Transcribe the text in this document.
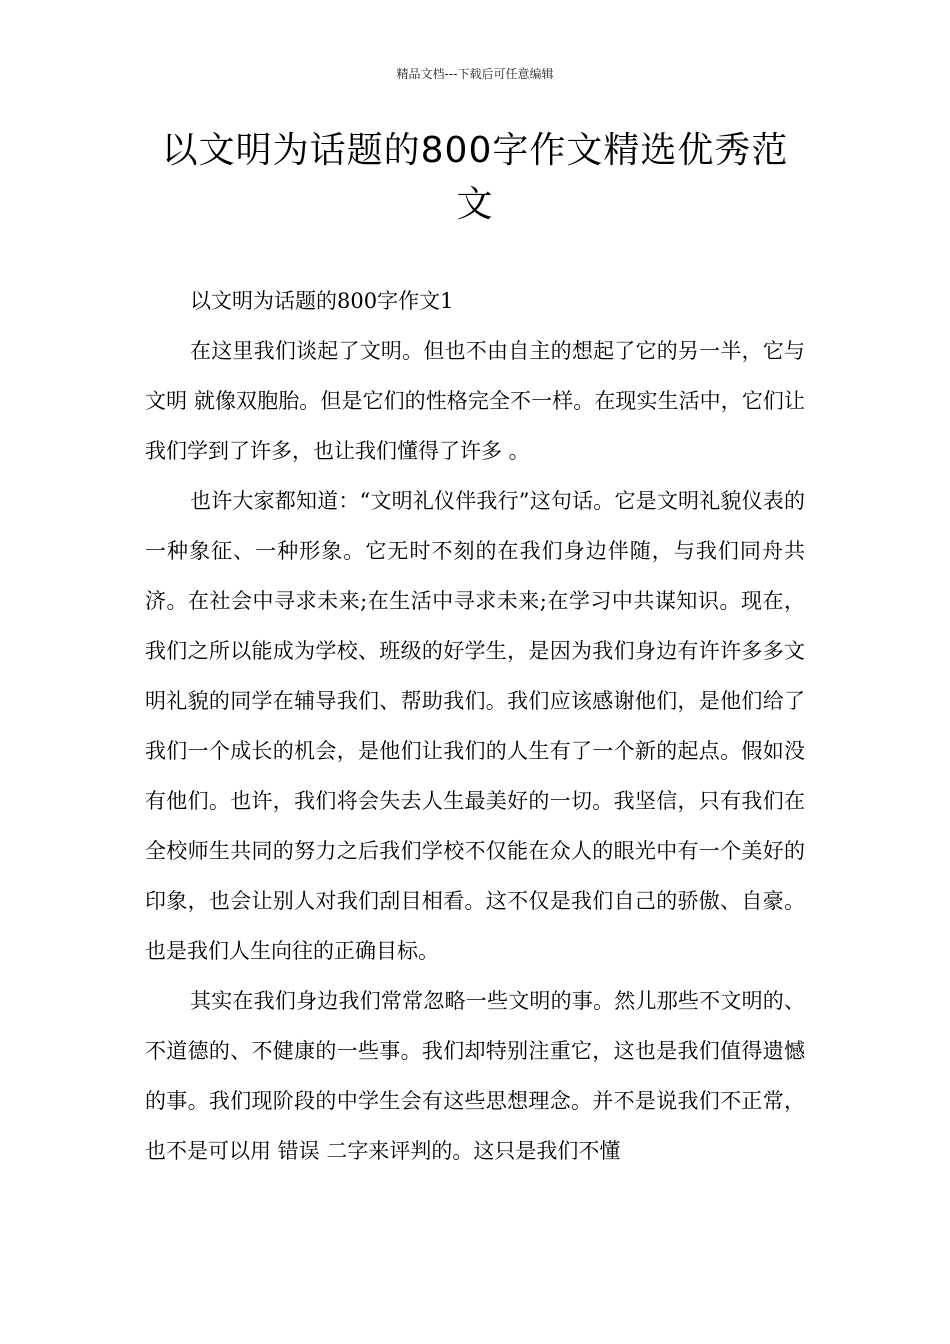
精品文档---下载后可任意编辑
以文明为话题的800字作文精选优秀范文

以文明为话题的800字作文1

在这里我们谈起了文明。但也不由自主的想起了它的另一半，它与 文明 就像双胞胎。但是它们的性格完全不一样。在现实生活中，它们让我们学到了许多，也让我们懂得了许多 。

也许大家都知道：“文明礼仪伴我行”这句话。它是文明礼貌仪表的一种象征、一种形象。它无时不刻的在我们身边伴随，与我们同舟共济。在社会中寻求未来;在生活中寻求未来;在学习中共谋知识。现在，我们之所以能成为学校、班级的好学生，是因为我们身边有许许多多文明礼貌的同学在辅导我们、帮助我们。我们应该感谢他们，是他们给了我们一个成长的机会，是他们让我们的人生有了一个新的起点。假如没有他们。也许，我们将会失去人生最美好的一切。我坚信，只有我们在全校师生共同的努力之后我们学校不仅能在众人的眼光中有一个美好的印象，也会让别人对我们刮目相看。这不仅是我们自己的骄傲、自豪。也是我们人生向往的正确目标。

其实在我们身边我们常常忽略一些文明的事。然儿那些不文明的、不道德的、不健康的一些事。我们却特别注重它，这也是我们值得遗憾的事。我们现阶段的中学生会有这些思想理念。并不是说我们不正常，也不是可以用 错误 二字来评判的。这只是我们不懂
